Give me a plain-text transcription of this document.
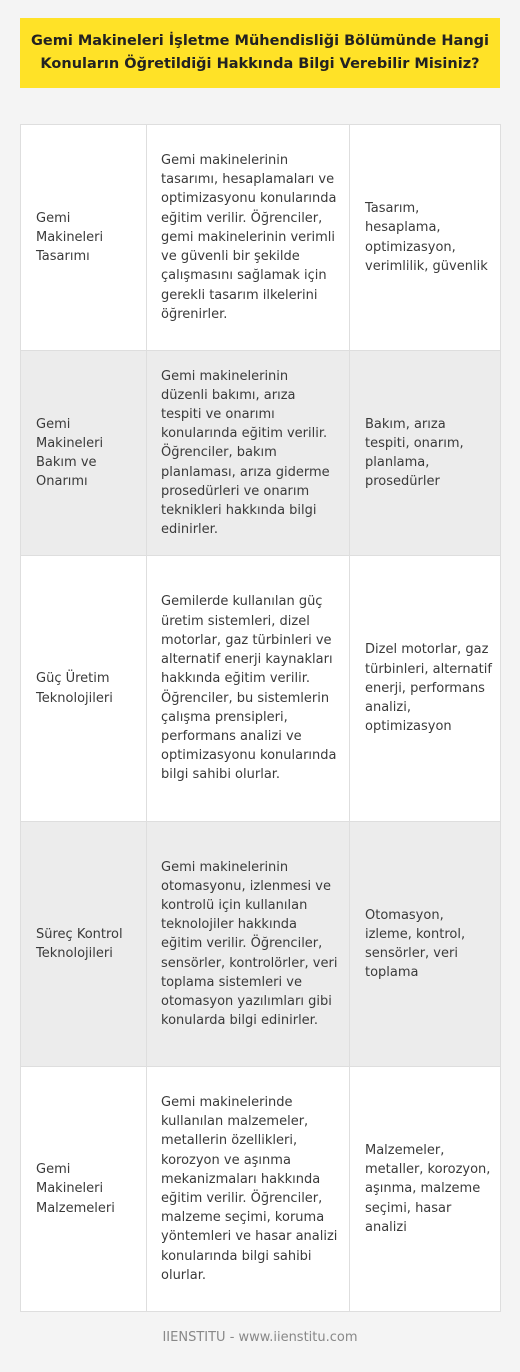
Gemi Makineleri İşletme Mühendisliği Bölümünde Hangi Konuların Öğretildiği Hakkında Bilgi Verebilir Misiniz?
Gemi Makineleri Tasarımı	Gemi makinelerinin tasarımı, hesaplamaları ve optimizasyonu konularında eğitim verilir. Öğrenciler, gemi makinelerinin verimli ve güvenli bir şekilde çalışmasını sağlamak için gerekli tasarım ilkelerini öğrenirler.	Tasarım, hesaplama, optimizasyon, verimlilik, güvenlik
Gemi Makineleri Bakım ve Onarımı	Gemi makinelerinin düzenli bakımı, arıza tespiti ve onarımı konularında eğitim verilir. Öğrenciler, bakım planlaması, arıza giderme prosedürleri ve onarım teknikleri hakkında bilgi edinirler.	Bakım, arıza tespiti, onarım, planlama, prosedürler
Güç Üretim Teknolojileri	Gemilerde kullanılan güç üretim sistemleri, dizel motorlar, gaz türbinleri ve alternatif enerji kaynakları hakkında eğitim verilir. Öğrenciler, bu sistemlerin çalışma prensipleri, performans analizi ve optimizasyonu konularında bilgi sahibi olurlar.	Dizel motorlar, gaz türbinleri, alternatif enerji, performans analizi, optimizasyon
Süreç Kontrol Teknolojileri	Gemi makinelerinin otomasyonu, izlenmesi ve kontrolü için kullanılan teknolojiler hakkında eğitim verilir. Öğrenciler, sensörler, kontrolörler, veri toplama sistemleri ve otomasyon yazılımları gibi konularda bilgi edinirler.	Otomasyon, izleme, kontrol, sensörler, veri toplama
Gemi Makineleri Malzemeleri	Gemi makinelerinde kullanılan malzemeler, metallerin özellikleri, korozyon ve aşınma mekanizmaları hakkında eğitim verilir. Öğrenciler, malzeme seçimi, koruma yöntemleri ve hasar analizi konularında bilgi sahibi olurlar.	Malzemeler, metaller, korozyon, aşınma, malzeme seçimi, hasar analizi
IIENSTITU - www.iienstitu.com
